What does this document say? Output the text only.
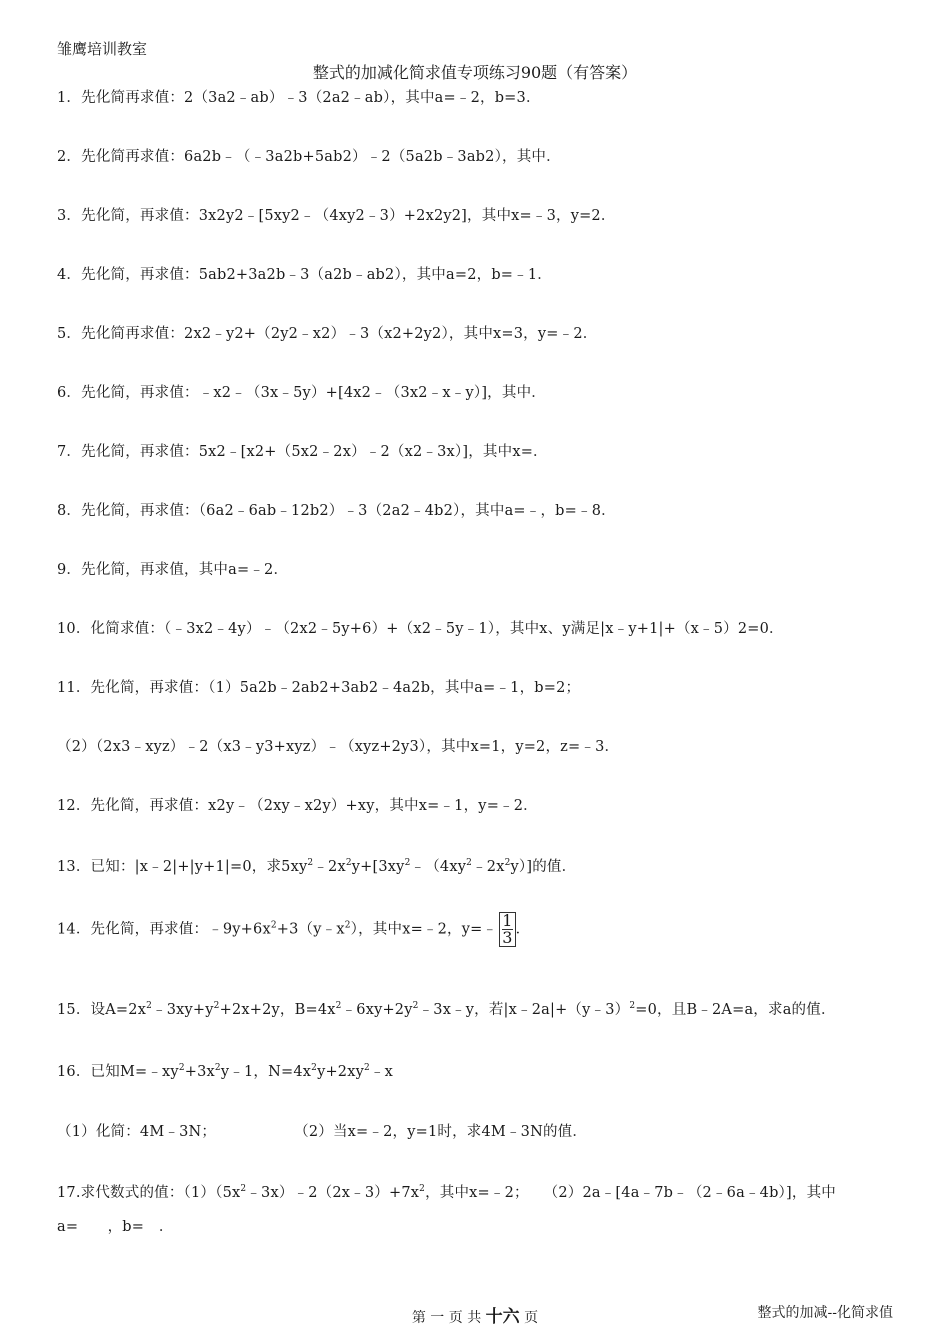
雏鹰培训教室
整式的加减化简求值专项练习90题（有答案）
1．先化简再求值：2（3a2﹣ab）﹣3（2a2﹣ab），其中a=﹣2，b=3．
2．先化简再求值：6a2b﹣（﹣3a2b+5ab2）﹣2（5a2b﹣3ab2），其中．
3．先化简，再求值：3x2y2﹣[5xy2﹣（4xy2﹣3）+2x2y2]，其中x=﹣3，y=2．
4．先化简，再求值：5ab2+3a2b﹣3（a2b﹣ab2），其中a=2，b=﹣1．
5．先化简再求值：2x2﹣y2+（2y2﹣x2）﹣3（x2+2y2），其中x=3，y=﹣2．
6．先化简，再求值：﹣x2﹣（3x﹣5y）+[4x2﹣（3x2﹣x﹣y）]，其中．
7．先化简，再求值：5x2﹣[x2+（5x2﹣2x）﹣2（x2﹣3x）]，其中x=．
8．先化简，再求值：（6a2﹣6ab﹣12b2）﹣3（2a2﹣4b2），其中a=﹣，b=﹣8．
9．先化简，再求值，其中a=﹣2．
10．化简求值：（﹣3x2﹣4y）﹣（2x2﹣5y+6）+（x2﹣5y﹣1），其中x、y满足|x﹣y+1|+（x﹣5）2=0．
11．先化简，再求值：（1）5a2b﹣2ab2+3ab2﹣4a2b，其中a=﹣1，b=2；
（2）（2x3﹣xyz）﹣2（x3﹣y3+xyz）﹣（xyz+2y3），其中x=1，y=2，z=﹣3．
12．先化简，再求值：x2y﹣（2xy﹣x2y）+xy，其中x=﹣1，y=﹣2．
13．已知：|x﹣2|+|y+1|=0，求$5xy^2﹣2x^2y+[3xy^2﹣(4xy^2﹣2x^2y)]$的值．
14．先化简，再求值：$﹣9y+6x^2+3(y﹣x^2)$，其中x=﹣2，y=﹣ $\frac{1}{3}$ ．
15．设$A=2x^2﹣3xy+y^2+2x+2y$，$B=4x^2﹣6xy+2y^2﹣3x﹣y$，若|x﹣2a|+（y﹣3）$^2$=0，且B﹣2A=a，求a的值．
16．已知$M=﹣xy^2+3x^2y﹣1$，$N=4x^2y+2xy^2﹣x$
（1）化简：4M﹣3N；	（2）当x=﹣2，y=1时，求4M﹣3N的值．
17.求代数式的值：$(1)(5x^2﹣3x)﹣2(2x﹣3)+7x^2$，其中x=﹣2；　　（2）2a﹣[4a﹣7b﹣（2﹣6a﹣4b）]，其中a=　　，b=　．
第 一 页 共 十六 页	整式的加减--化简求值
